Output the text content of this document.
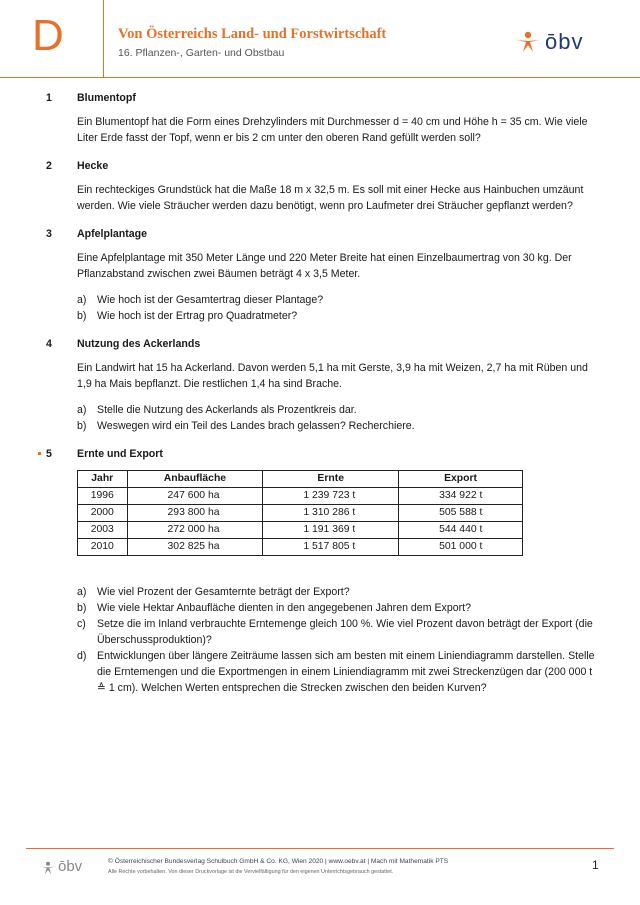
D	Von Österreichs Land- und Forstwirtschaft
16. Pflanzen-, Garten- und Obstbau	ōbv
1 Blumentopf
Ein Blumentopf hat die Form eines Drehzylinders mit Durchmesser d = 40 cm und Höhe h = 35 cm. Wie viele Liter Erde fasst der Topf, wenn er bis 2 cm unter den oberen Rand gefüllt werden soll?
2 Hecke
Ein rechteckiges Grundstück hat die Maße 18 m x 32,5 m. Es soll mit einer Hecke aus Hainbuchen umzäunt werden. Wie viele Sträucher werden dazu benötigt, wenn pro Laufmeter drei Sträucher gepflanzt werden?
3 Apfelplantage
Eine Apfelplantage mit 350 Meter Länge und 220 Meter Breite hat einen Einzelbaumertrag von 30 kg. Der Pflanzabstand zwischen zwei Bäumen beträgt 4 x 3,5 Meter.
a) Wie hoch ist der Gesamtertrag dieser Plantage?
b) Wie hoch ist der Ertrag pro Quadratmeter?
4 Nutzung des Ackerlands
Ein Landwirt hat 15 ha Ackerland. Davon werden 5,1 ha mit Gerste, 3,9 ha mit Weizen, 2,7 ha mit Rüben und 1,9 ha Mais bepflanzt. Die restlichen 1,4 ha sind Brache.
a) Stelle die Nutzung des Ackerlands als Prozentkreis dar.
b) Weswegen wird ein Teil des Landes brach gelassen? Recherchiere.
5 Ernte und Export
Jahr	Anbaufläche	Ernte	Export
1996	247 600 ha	1 239 723 t	334 922 t
2000	293 800 ha	1 310 286 t	505 588 t
2003	272 000 ha	1 191 369 t	544 440 t
2010	302 825 ha	1 517 805 t	501 000 t
a) Wie viel Prozent der Gesamternte beträgt der Export?
b) Wie viele Hektar Anbaufläche dienten in den angegebenen Jahren dem Export?
c) Setze die im Inland verbrauchte Erntemenge gleich 100 %. Wie viel Prozent davon beträgt der Export (die Überschussproduktion)?
d) Entwicklungen über längere Zeiträume lassen sich am besten mit einem Liniendiagramm darstellen. Stelle die Erntemengen und die Exportmengen in einem Liniendiagramm mit zwei Streckenzügen dar (200 000 t ≙ 1 cm). Welchen Werten entsprechen die Strecken zwischen den beiden Kurven?
ōbv	© Österreichischer Bundesverlag Schulbuch GmbH & Co. KG, Wien 2020 | www.oebv.at | Mach mit Mathematik PTS
Alle Rechte vorbehalten. Von dieser Druckvorlage ist die Vervielfältigung für den eigenen Unterrichtsgebrauch gestattet.	1
